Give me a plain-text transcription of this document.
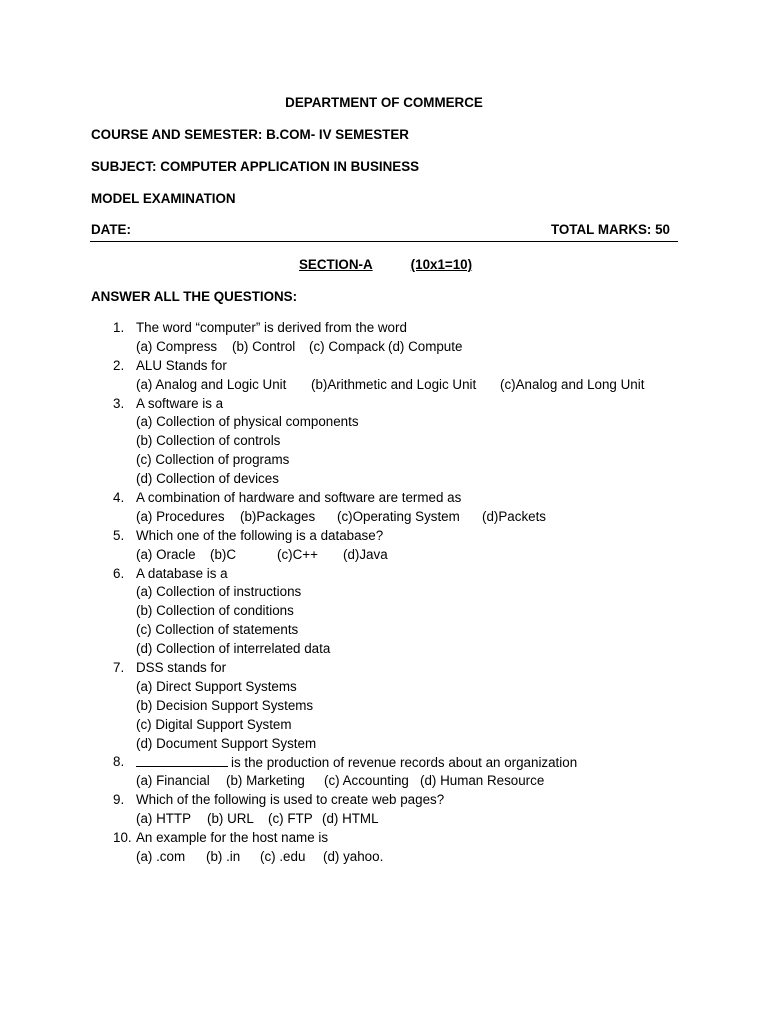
DEPARTMENT OF COMMERCE
COURSE AND SEMESTER: B.COM- IV SEMESTER
SUBJECT: COMPUTER APPLICATION IN BUSINESS
MODEL EXAMINATION
DATE:	TOTAL MARKS: 50
SECTION-A	(10x1=10)
ANSWER ALL THE QUESTIONS:
1. The word “computer” is derived from the word
(a) Compress (b) Control (c) Compack (d) Compute
2. ALU Stands for
(a) Analog and Logic Unit (b)Arithmetic and Logic Unit (c)Analog and Long Unit
3. A software is a
(a) Collection of physical components
(b) Collection of controls
(c) Collection of programs
(d) Collection of devices
4. A combination of hardware and software are termed as
(a) Procedures (b)Packages (c)Operating System (d)Packets
5. Which one of the following is a database?
(a) Oracle (b)C	(c)C++ (d)Java
6. A database is a
(a) Collection of instructions
(b) Collection of conditions
(c) Collection of statements
(d) Collection of interrelated data
7. DSS stands for
(a) Direct Support Systems
(b) Decision Support Systems
(c) Digital Support System
(d) Document Support System
8.	is the production of revenue records about an organization
(a) Financial (b) Marketing (c) Accounting (d) Human Resource
9. Which of the following is used to create web pages?
(a) HTTP (b) URL (c) FTP (d) HTML
10. An example for the host name is
(a) .com (b) .in (c) .edu (d) yahoo.
